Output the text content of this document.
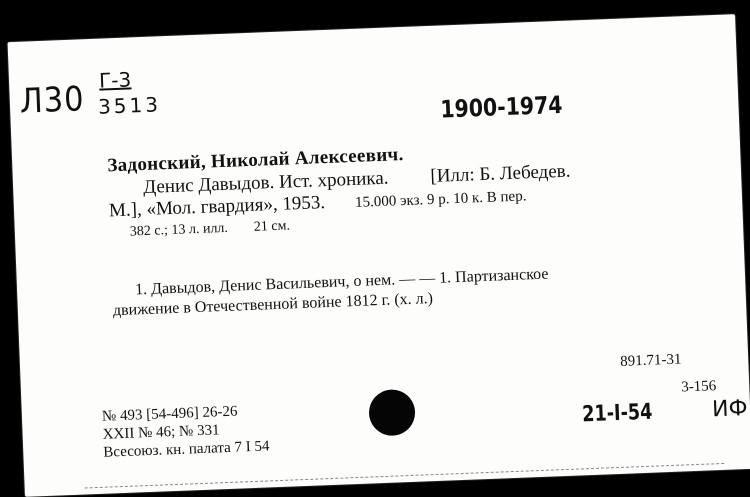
Л30 Г-3
3513	1900-1974
Задонский, Николай Алексеевич.
Денис Давыдов. Ист. хроника. [Илл: Б. Лебедев.
М.], «Мол. гвардия», 1953. 15.000 экз. 9 р. 10 к. В пер.
382 с.; 13 л. илл. 21 см.
1. Давыдов, Денис Васильевич, о нем. — — 1. Партизанское
движение в Отечественной войне 1812 г. (х. л.)
891.71-31
№ 493 [54-496] 26-26
XXII № 46; № 331
Всесоюз. кн. палата 7 I 54
3-156
21-I-54	ИФ
